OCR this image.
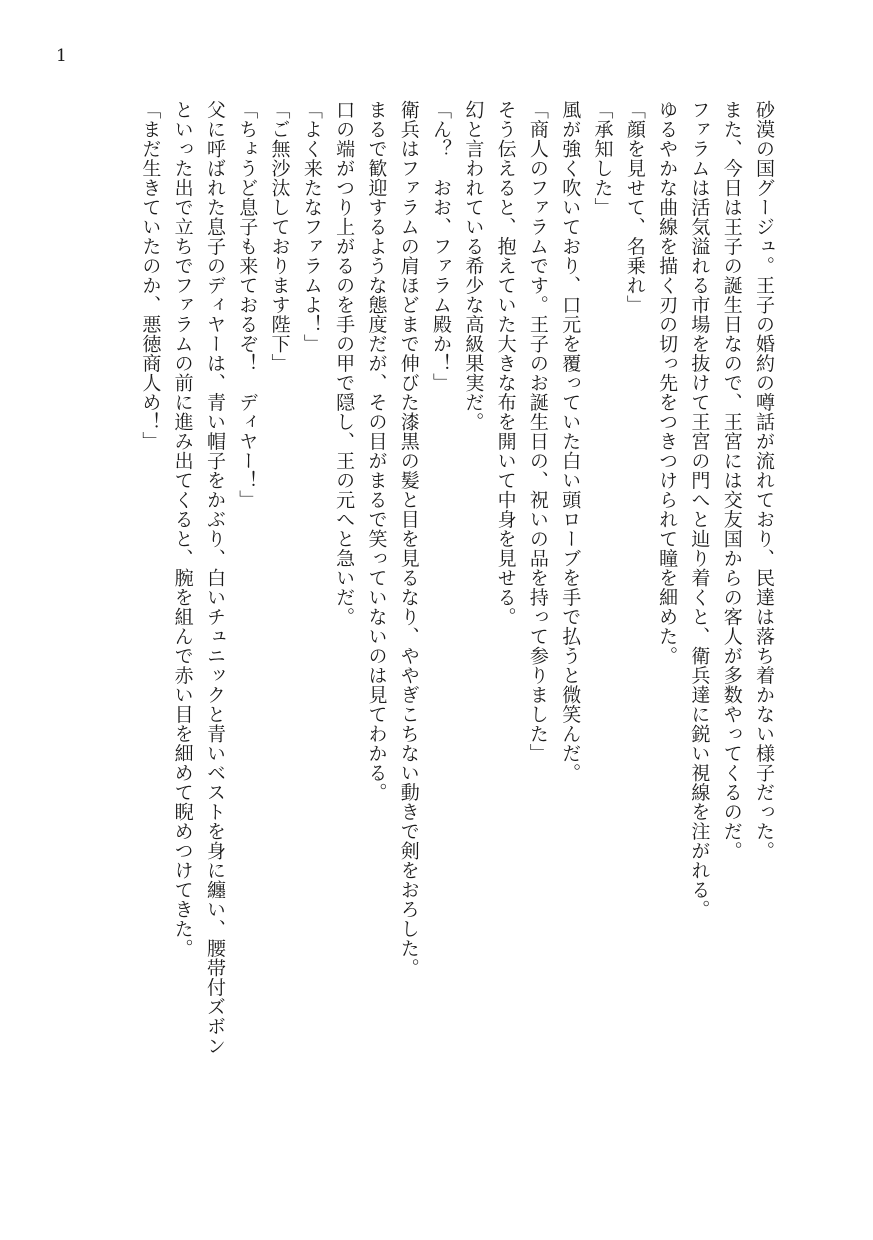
1
砂漠の国グージュ。王子の婚約の噂話が流れており、民達は落ち着かない様子だった。
また、今日は王子の誕生日なので、王宮には交友国からの客人が多数やってくるのだ。
ファラムは活気溢れる市場を抜けて王宮の門へと辿り着くと、衛兵達に鋭い視線を注がれる。
ゆるやかな曲線を描く刃の切っ先をつきつけられて瞳を細めた。
「顔を見せて、名乗れ」
「承知した」
風が強く吹いており、口元を覆っていた白い頭ローブを手で払うと微笑んだ。
「商人のファラムです。王子のお誕生日の、祝いの品を持って参りました」
そう伝えると、抱えていた大きな布を開いて中身を見せる。
幻と言われている希少な高級果実だ。
「ん？　おお、ファラム殿か！」
衛兵はファラムの肩ほどまで伸びた漆黒の髪と目を見るなり、ややぎこちない動きで剣をおろした。
まるで歓迎するような態度だが、その目がまるで笑っていないのは見てわかる。
口の端がつり上がるのを手の甲で隠し、王の元へと急いだ。
「よく来たなファラムよ！」
「ご無沙汰しております陛下」
「ちょうど息子も来ておるぞ！　ディヤー！」
父に呼ばれた息子のディヤーは、青い帽子をかぶり、白いチュニックと青いベストを身に纏い、腰帯付ズボン
といった出で立ちでファラムの前に進み出てくると、腕を組んで赤い目を細めて睨めつけてきた。
「まだ生きていたのか、悪徳商人め！」
